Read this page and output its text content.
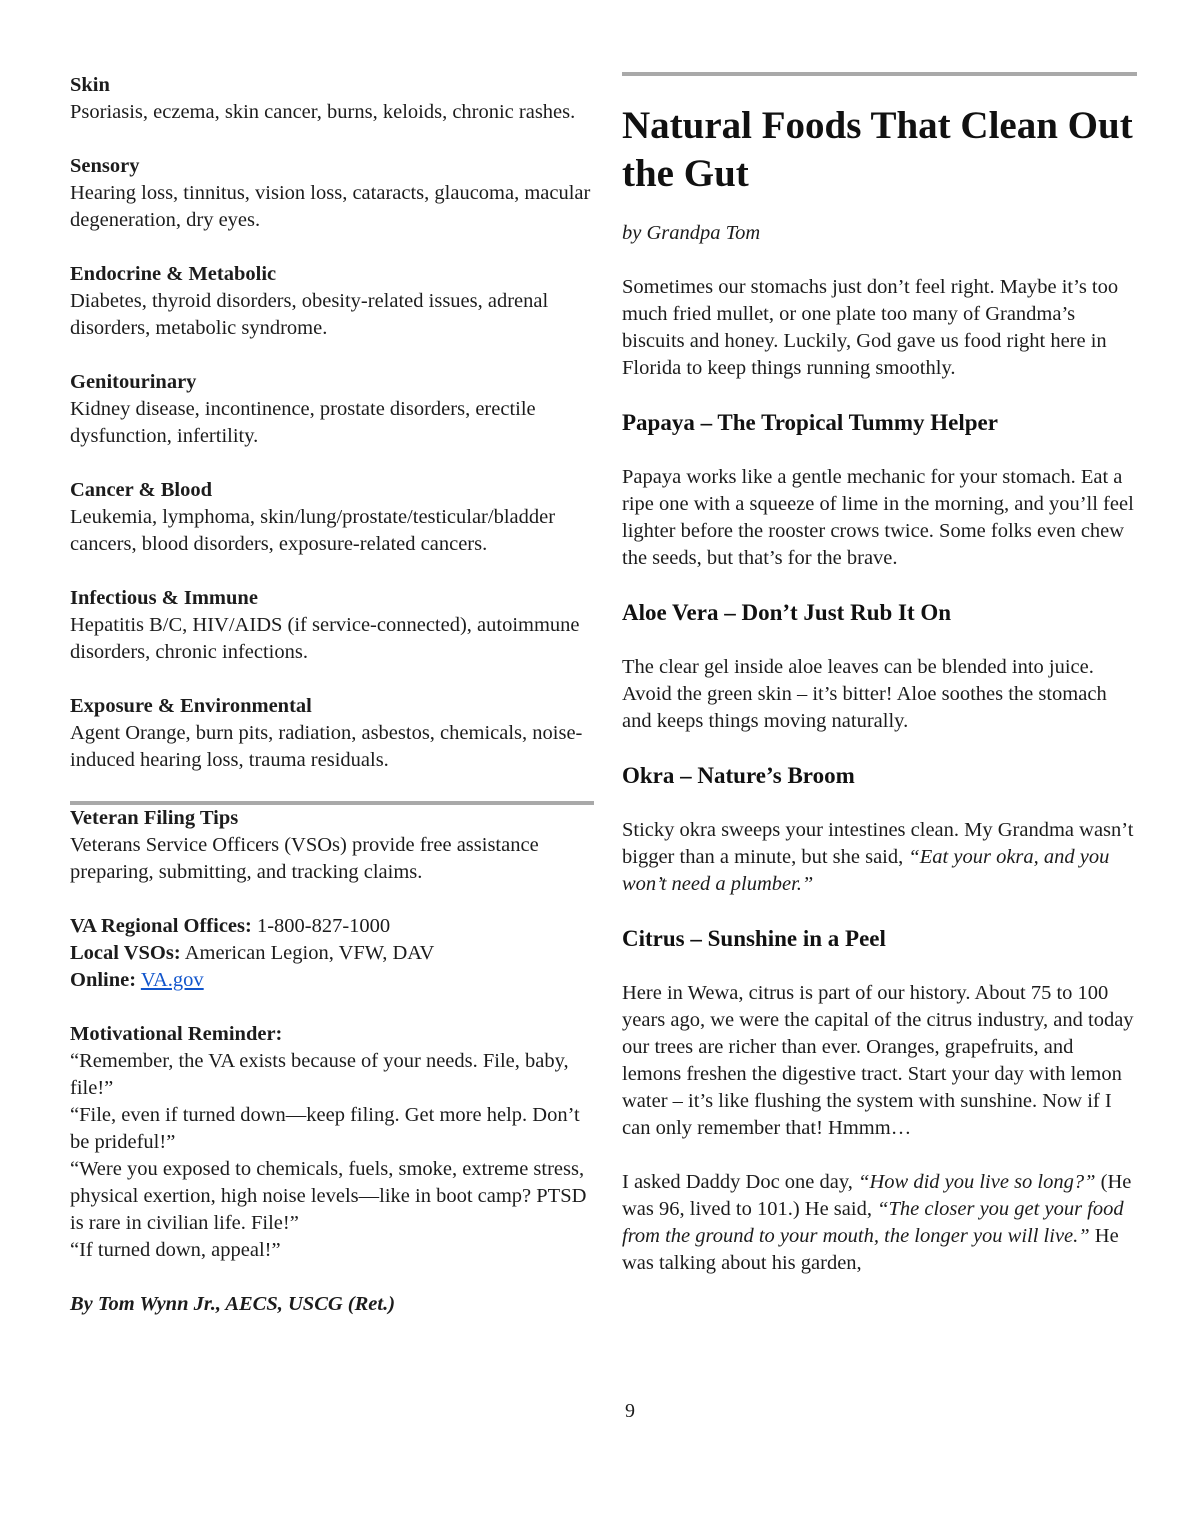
Skin
Psoriasis, eczema, skin cancer, burns, keloids, chronic rashes.
Sensory
Hearing loss, tinnitus, vision loss, cataracts, glaucoma, macular degeneration, dry eyes.
Endocrine & Metabolic
Diabetes, thyroid disorders, obesity-related issues, adrenal disorders, metabolic syndrome.
Genitourinary
Kidney disease, incontinence, prostate disorders, erectile dysfunction, infertility.
Cancer & Blood
Leukemia, lymphoma, skin/lung/prostate/testicular/bladder cancers, blood disorders, exposure-related cancers.
Infectious & Immune
Hepatitis B/C, HIV/AIDS (if service-connected), autoimmune disorders, chronic infections.
Exposure & Environmental
Agent Orange, burn pits, radiation, asbestos, chemicals, noise-induced hearing loss, trauma residuals.
Veteran Filing Tips
Veterans Service Officers (VSOs) provide free assistance preparing, submitting, and tracking claims.
VA Regional Offices: 1-800-827-1000
Local VSOs: American Legion, VFW, DAV
Online: VA.gov
Motivational Reminder:
“Remember, the VA exists because of your needs. File, baby, file!”
“File, even if turned down—keep filing. Get more help. Don’t be prideful!”
“Were you exposed to chemicals, fuels, smoke, extreme stress, physical exertion, high noise levels—like in boot camp? PTSD is rare in civilian life. File!”
“If turned down, appeal!”
By Tom Wynn Jr., AECS, USCG (Ret.)
Natural Foods That Clean Out the Gut
by Grandpa Tom

Sometimes our stomachs just don’t feel right. Maybe it’s too much fried mullet, or one plate too many of Grandma’s biscuits and honey. Luckily, God gave us food right here in Florida to keep things running smoothly.

Papaya – The Tropical Tummy Helper

Papaya works like a gentle mechanic for your stomach. Eat a ripe one with a squeeze of lime in the morning, and you’ll feel lighter before the rooster crows twice. Some folks even chew the seeds, but that’s for the brave.

Aloe Vera – Don’t Just Rub It On

The clear gel inside aloe leaves can be blended into juice. Avoid the green skin – it’s bitter! Aloe soothes the stomach and keeps things moving naturally.

Okra – Nature’s Broom

Sticky okra sweeps your intestines clean. My Grandma wasn’t bigger than a minute, but she said, “Eat your okra, and you won’t need a plumber.”

Citrus – Sunshine in a Peel

Here in Wewa, citrus is part of our history. About 75 to 100 years ago, we were the capital of the citrus industry, and today our trees are richer than ever. Oranges, grapefruits, and lemons freshen the digestive tract. Start your day with lemon water – it’s like flushing the system with sunshine. Now if I can only remember that! Hmmm…

I asked Daddy Doc one day, “How did you live so long?” (He was 96, lived to 101.) He said, “The closer you get your food from the ground to your mouth, the longer you will live.” He was talking about his garden,

9
